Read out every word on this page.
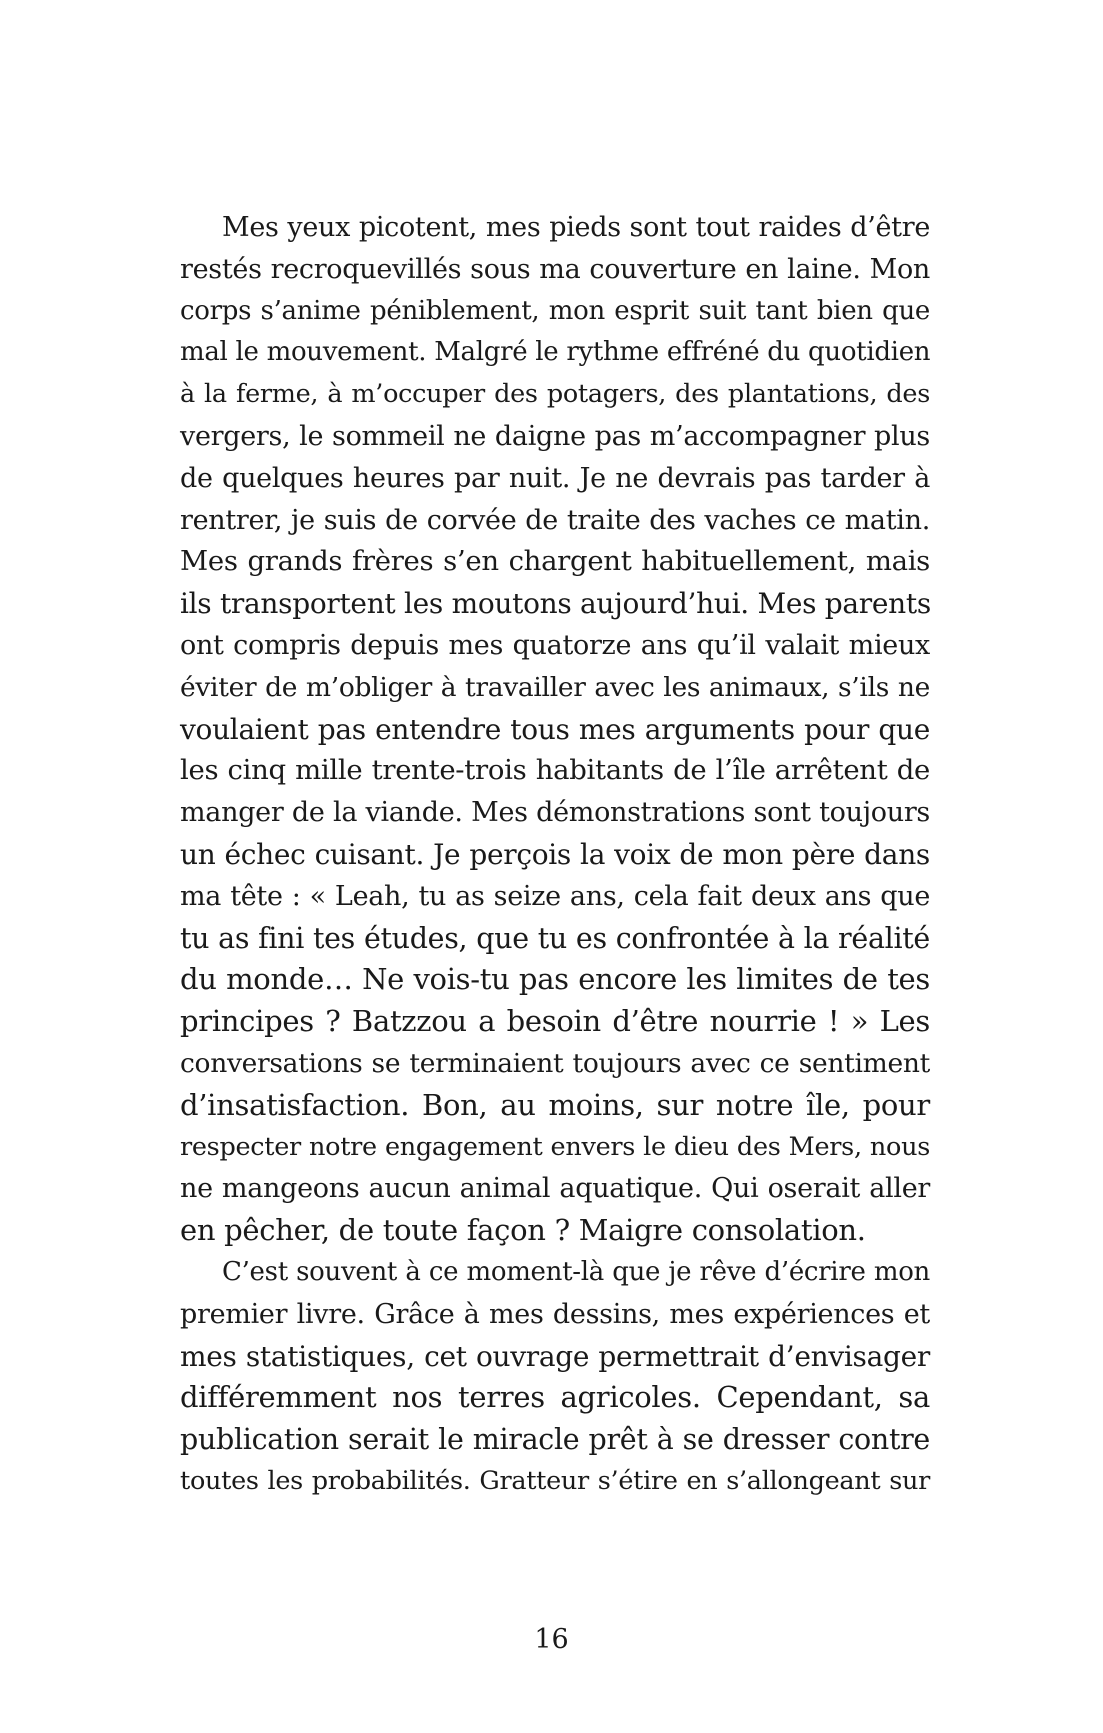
Mes yeux picotent, mes pieds sont tout raides d’être
restés recroquevillés sous ma couverture en laine. Mon
corps s’anime péniblement, mon esprit suit tant bien que
mal le mouvement. Malgré le rythme effréné du quotidien
à la ferme, à m’occuper des potagers, des plantations, des
vergers, le sommeil ne daigne pas m’accompagner plus
de quelques heures par nuit. Je ne devrais pas tarder à
rentrer, je suis de corvée de traite des vaches ce matin.
Mes grands frères s’en chargent habituellement, mais
ils transportent les moutons aujourd’hui. Mes parents
ont compris depuis mes quatorze ans qu’il valait mieux
éviter de m’obliger à travailler avec les animaux, s’ils ne
voulaient pas entendre tous mes arguments pour que
les cinq mille trente-trois habitants de l’île arrêtent de
manger de la viande. Mes démonstrations sont toujours
un échec cuisant. Je perçois la voix de mon père dans
ma tête : « Leah, tu as seize ans, cela fait deux ans que
tu as fini tes études, que tu es confrontée à la réalité
du monde… Ne vois-tu pas encore les limites de tes
principes ? Batzzou a besoin d’être nourrie ! » Les
conversations se terminaient toujours avec ce sentiment
d’insatisfaction. Bon, au moins, sur notre île, pour
respecter notre engagement envers le dieu des Mers, nous
ne mangeons aucun animal aquatique. Qui oserait aller
en pêcher, de toute façon ? Maigre consolation.
C’est souvent à ce moment-là que je rêve d’écrire mon
premier livre. Grâce à mes dessins, mes expériences et
mes statistiques, cet ouvrage permettrait d’envisager
différemment nos terres agricoles. Cependant, sa
publication serait le miracle prêt à se dresser contre
toutes les probabilités. Gratteur s’étire en s’allongeant sur
16
